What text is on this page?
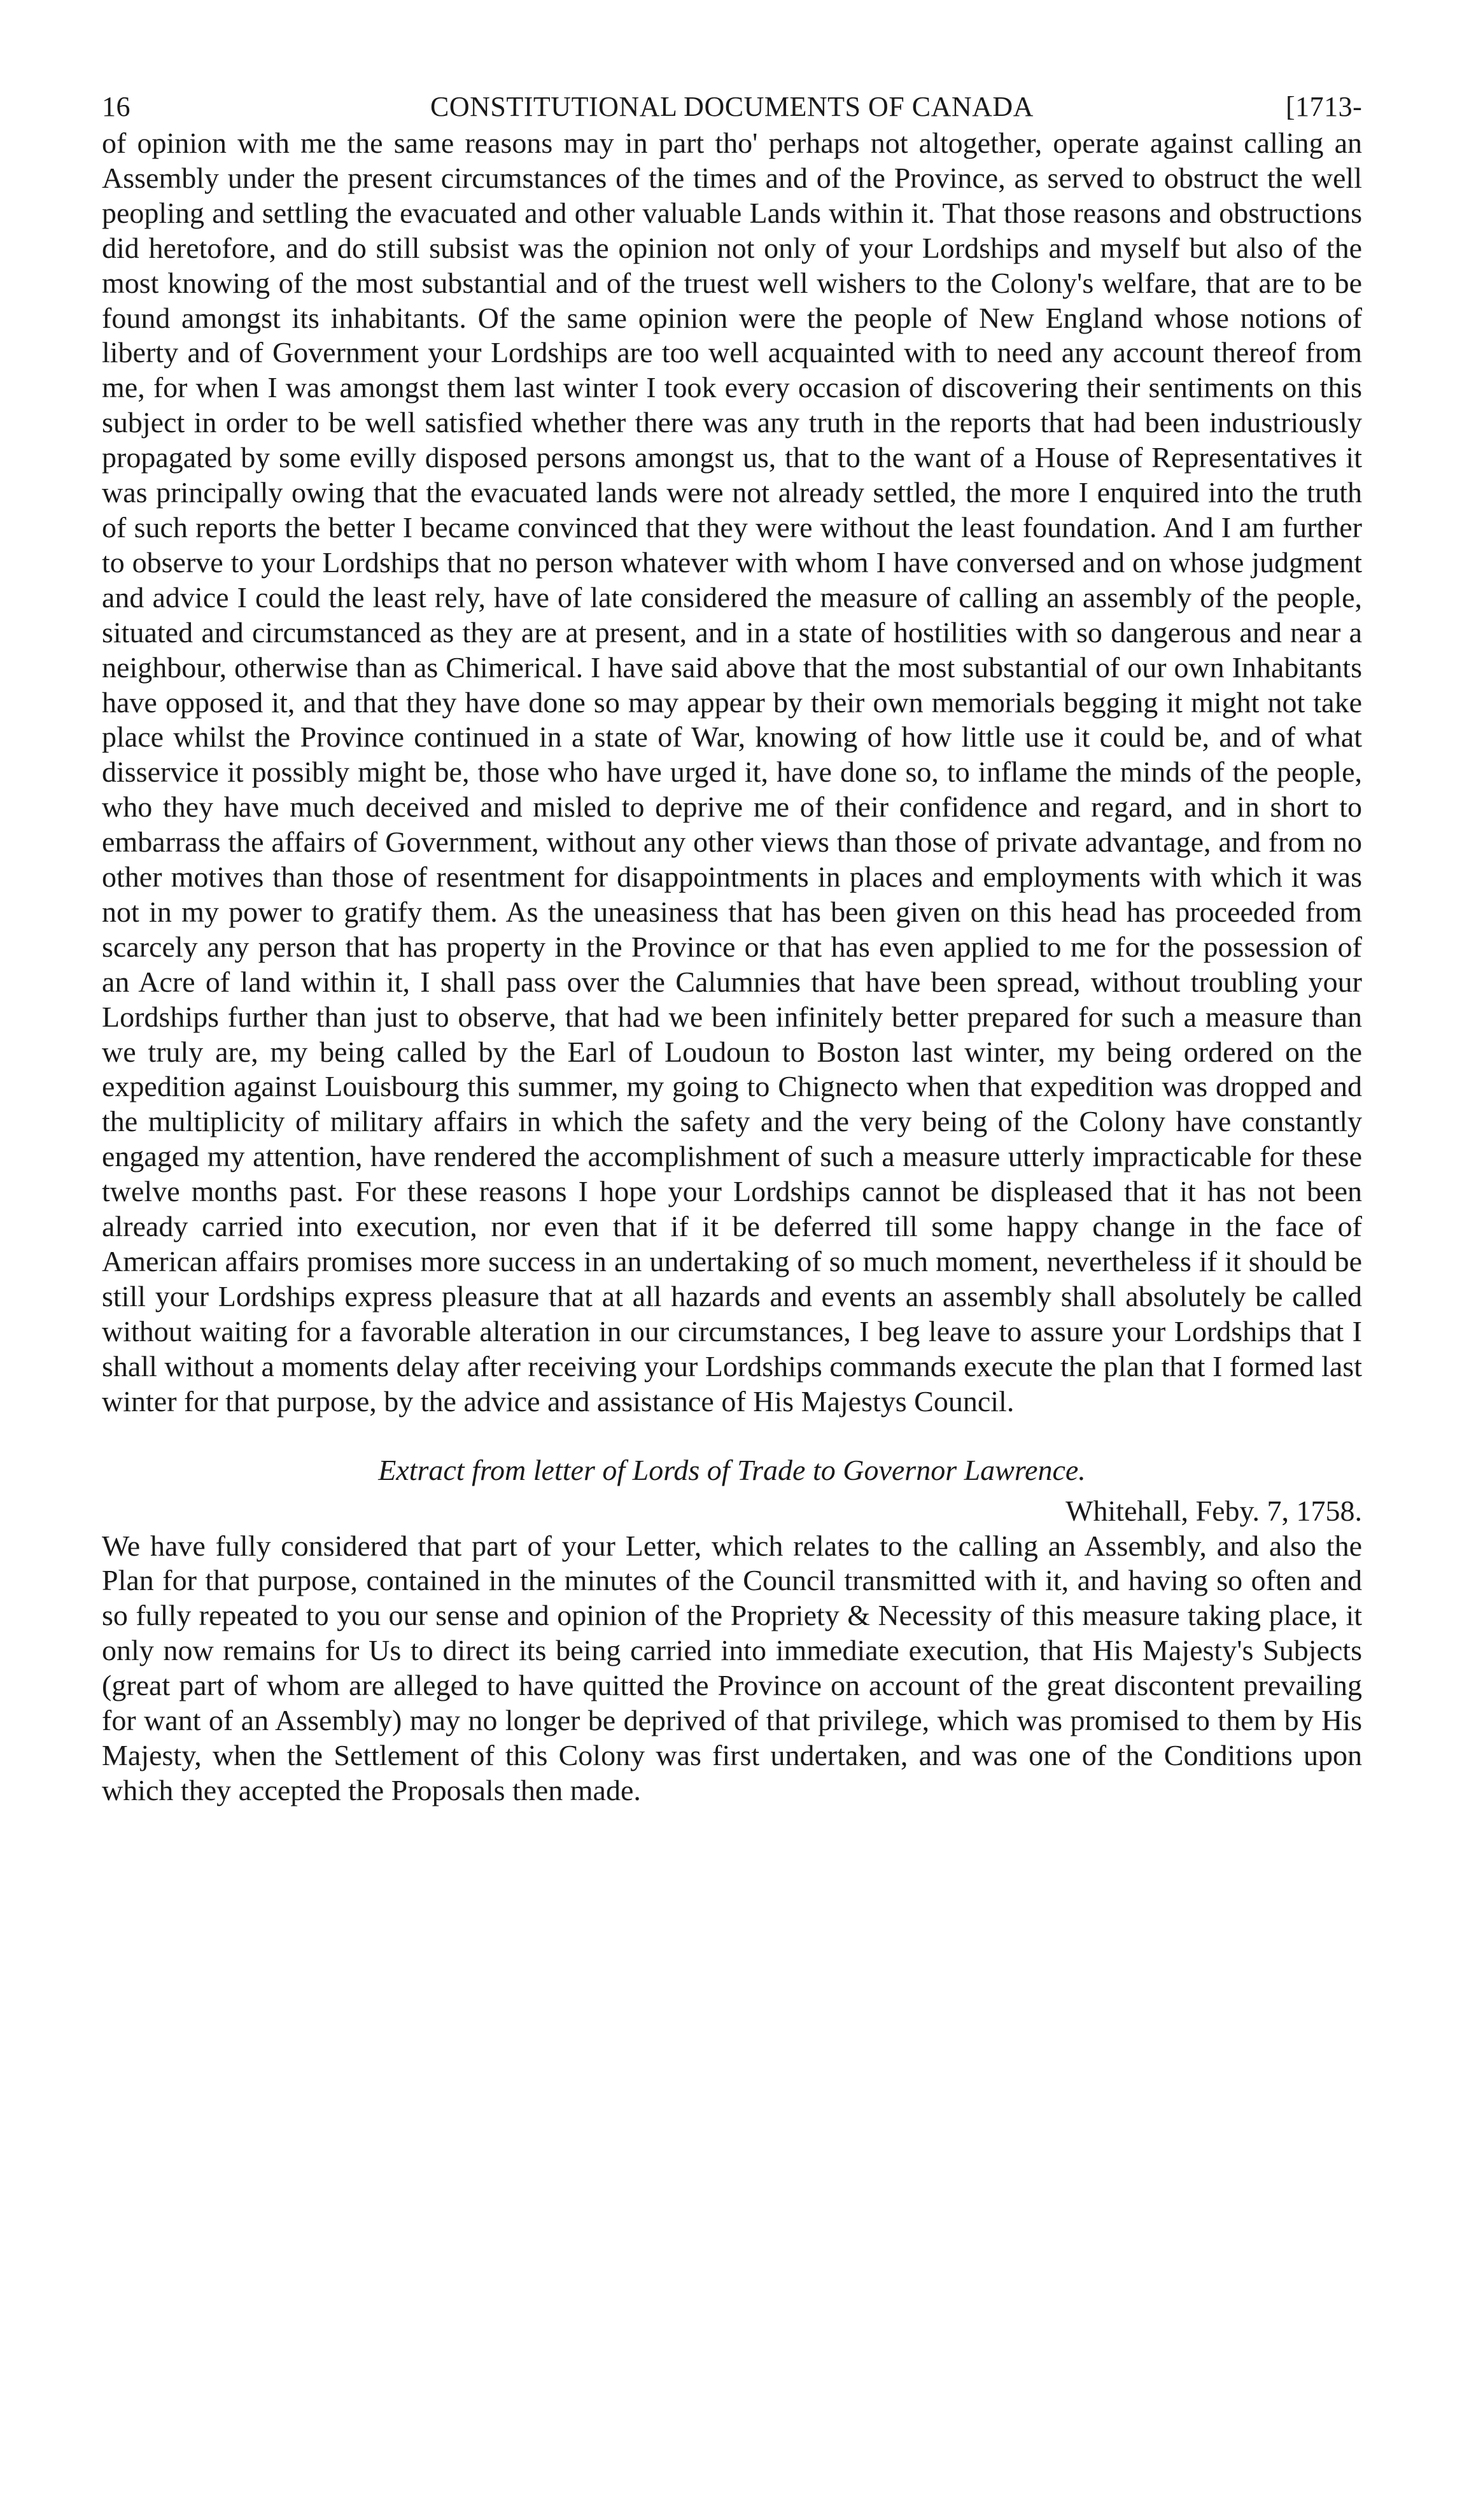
16	CONSTITUTIONAL DOCUMENTS OF CANADA	[1713-

of opinion with me the same reasons may in part tho' perhaps not altogether, operate against calling an Assembly under the present circumstances of the times and of the Province, as served to obstruct the well peopling and settling the evacuated and other valuable Lands within it. That those reasons and obstructions did heretofore, and do still subsist was the opinion not only of your Lordships and myself but also of the most knowing of the most substantial and of the truest well wishers to the Colony's welfare, that are to be found amongst its inhabitants. Of the same opinion were the people of New England whose notions of liberty and of Government your Lordships are too well acquainted with to need any account thereof from me, for when I was amongst them last winter I took every occasion of discovering their sentiments on this subject in order to be well satisfied whether there was any truth in the reports that had been industriously propagated by some evilly disposed persons amongst us, that to the want of a House of Representatives it was principally owing that the evacuated lands were not already settled, the more I enquired into the truth of such reports the better I became convinced that they were without the least foundation. And I am further to observe to your Lordships that no person whatever with whom I have conversed and on whose judgment and advice I could the least rely, have of late considered the measure of calling an assembly of the people, situated and circumstanced as they are at present, and in a state of hostilities with so dangerous and near a neighbour, otherwise than as Chimerical. I have said above that the most substantial of our own Inhabitants have opposed it, and that they have done so may appear by their own memorials begging it might not take place whilst the Province continued in a state of War, knowing of how little use it could be, and of what disservice it possibly might be, those who have urged it, have done so, to inflame the minds of the people, who they have much deceived and misled to deprive me of their confidence and regard, and in short to embarrass the affairs of Government, without any other views than those of private advantage, and from no other motives than those of resentment for disappointments in places and employments with which it was not in my power to gratify them. As the uneasiness that has been given on this head has proceeded from scarcely any person that has property in the Province or that has even applied to me for the possession of an Acre of land within it, I shall pass over the Calumnies that have been spread, without troubling your Lordships further than just to observe, that had we been infinitely better prepared for such a measure than we truly are, my being called by the Earl of Loudoun to Boston last winter, my being ordered on the expedition against Louisbourg this summer, my going to Chignecto when that expedition was dropped and the multiplicity of military affairs in which the safety and the very being of the Colony have constantly engaged my attention, have rendered the accomplishment of such a measure utterly impracticable for these twelve months past. For these reasons I hope your Lordships cannot be displeased that it has not been already carried into execution, nor even that if it be deferred till some happy change in the face of American affairs promises more success in an undertaking of so much moment, nevertheless if it should be still your Lordships express pleasure that at all hazards and events an assembly shall absolutely be called without waiting for a favorable alteration in our circumstances, I beg leave to assure your Lordships that I shall without a moments delay after receiving your Lordships commands execute the plan that I formed last winter for that purpose, by the advice and assistance of His Majestys Council.

Extract from letter of Lords of Trade to Governor Lawrence.

Whitehall, Feby. 7, 1758.

We have fully considered that part of your Letter, which relates to the calling an Assembly, and also the Plan for that purpose, contained in the minutes of the Council transmitted with it, and having so often and so fully repeated to you our sense and opinion of the Propriety & Necessity of this measure taking place, it only now remains for Us to direct its being carried into immediate execution, that His Majesty's Subjects (great part of whom are alleged to have quitted the Province on account of the great discontent prevailing for want of an Assembly) may no longer be deprived of that privilege, which was promised to them by His Majesty, when the Settlement of this Colony was first undertaken, and was one of the Conditions upon which they accepted the Proposals then made.
